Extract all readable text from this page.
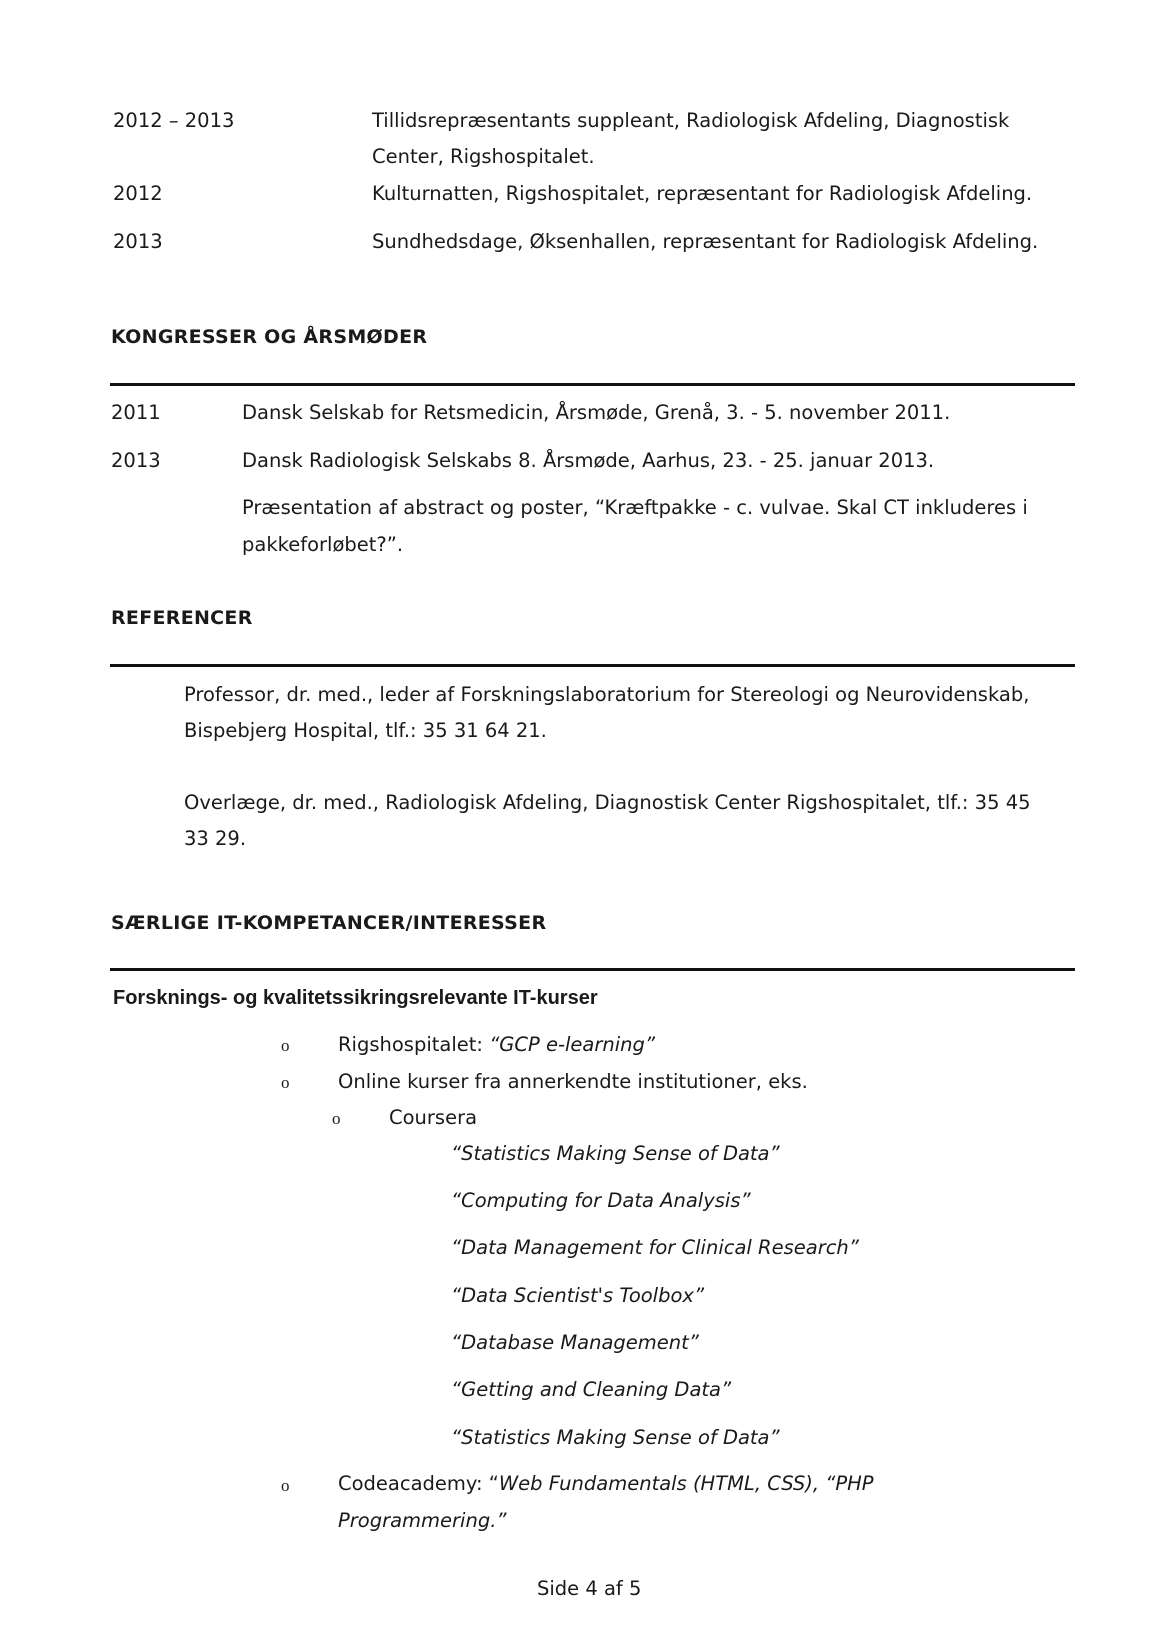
2012 – 2013	Tillidsrepræsentants suppleant, Radiologisk Afdeling, Diagnostisk
Center, Rigshospitalet.
2012	Kulturnatten, Rigshospitalet, repræsentant for Radiologisk Afdeling.
2013	Sundhedsdage, Øksenhallen, repræsentant for Radiologisk Afdeling.
KONGRESSER OG ÅRSMØDER
2011	Dansk Selskab for Retsmedicin, Årsmøde, Grenå, 3. - 5. november 2011.
2013	Dansk Radiologisk Selskabs 8. Årsmøde, Aarhus, 23. - 25. januar 2013.
Præsentation af abstract og poster, “Kræftpakke - c. vulvae. Skal CT inkluderes i
pakkeforløbet?”.
REFERENCER
Professor, dr. med., leder af Forskningslaboratorium for Stereologi og Neurovidenskab,
Bispebjerg Hospital, tlf.: 35 31 64 21.
Overlæge, dr. med., Radiologisk Afdeling, Diagnostisk Center Rigshospitalet, tlf.: 35 45
33 29.
SÆRLIGE IT-KOMPETANCER/INTERESSER
Forsknings- og kvalitetssikringsrelevante IT-kurser
o Rigshospitalet: “GCP e-learning”
o Online kurser fra annerkendte institutioner, eks.
o Coursera
“Statistics Making Sense of Data”
“Computing for Data Analysis”
“Data Management for Clinical Research”
“Data Scientist's Toolbox”
“Database Management”
“Getting and Cleaning Data”
“Statistics Making Sense of Data”
o Codeacademy: “Web Fundamentals (HTML, CSS), “PHP
Programmering.”
Side 4 af 5
